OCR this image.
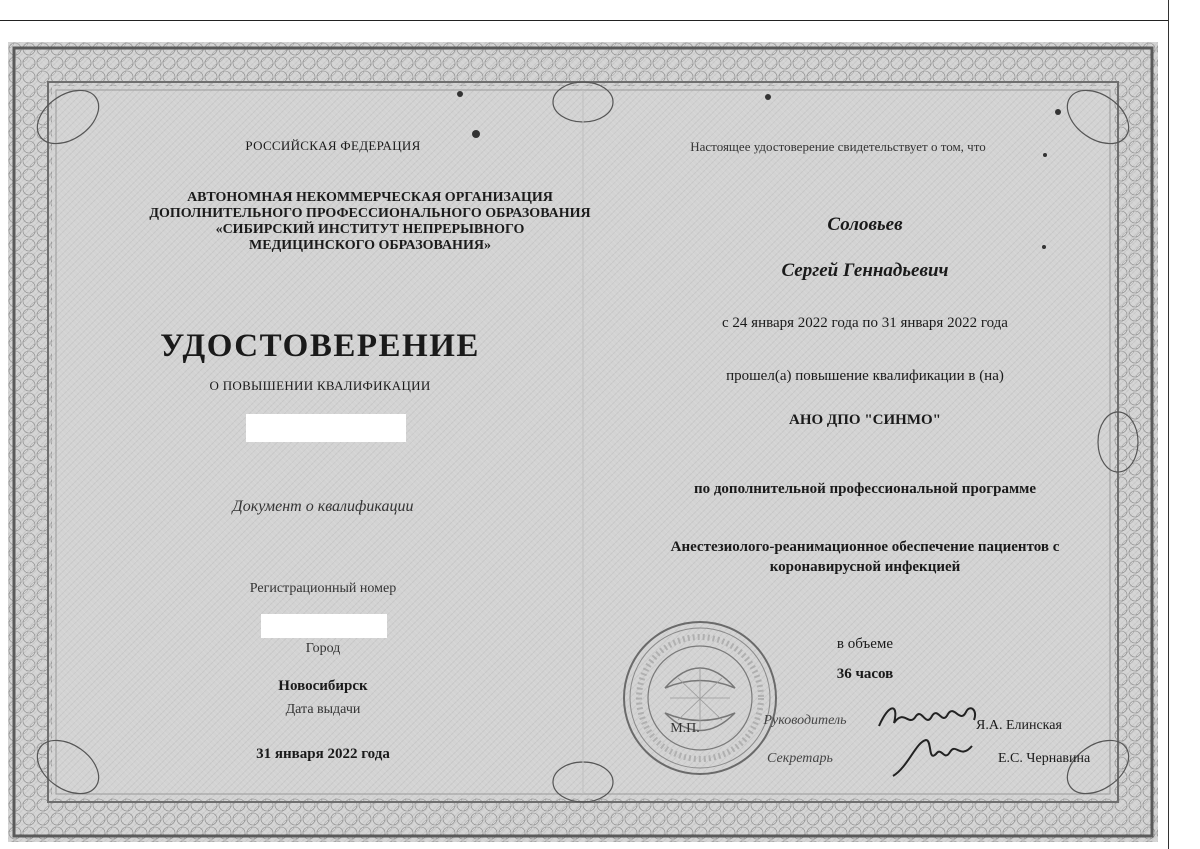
РОССИЙСКАЯ ФЕДЕРАЦИЯ

АВТОНОМНАЯ НЕКОММЕРЧЕСКАЯ ОРГАНИЗАЦИЯ
ДОПОЛНИТЕЛЬНОГО ПРОФЕССИОНАЛЬНОГО ОБРАЗОВАНИЯ
«СИБИРСКИЙ ИНСТИТУТ НЕПРЕРЫВНОГО
МЕДИЦИНСКОГО ОБРАЗОВАНИЯ»

УДОСТОВЕРЕНИЕ

О ПОВЫШЕНИИ КВАЛИФИКАЦИИ

Документ о квалификации

Регистрационный номер

Город

Новосибирск

Дата выдачи

31 января 2022 года

Настоящее удостоверение свидетельствует о том, что

Соловьев

Сергей Геннадьевич

с 24 января 2022 года по 31 января 2022 года

прошел(а) повышение квалификации в (на)

АНО ДПО "СИНМО"

по дополнительной профессиональной программе

Анестезиолого-реанимационное обеспечение пациентов с
коронавирусной инфекцией

в объеме

36 часов

М.П.

Руководитель	Я.А. Елинская

Секретарь	Е.С. Чернавина
